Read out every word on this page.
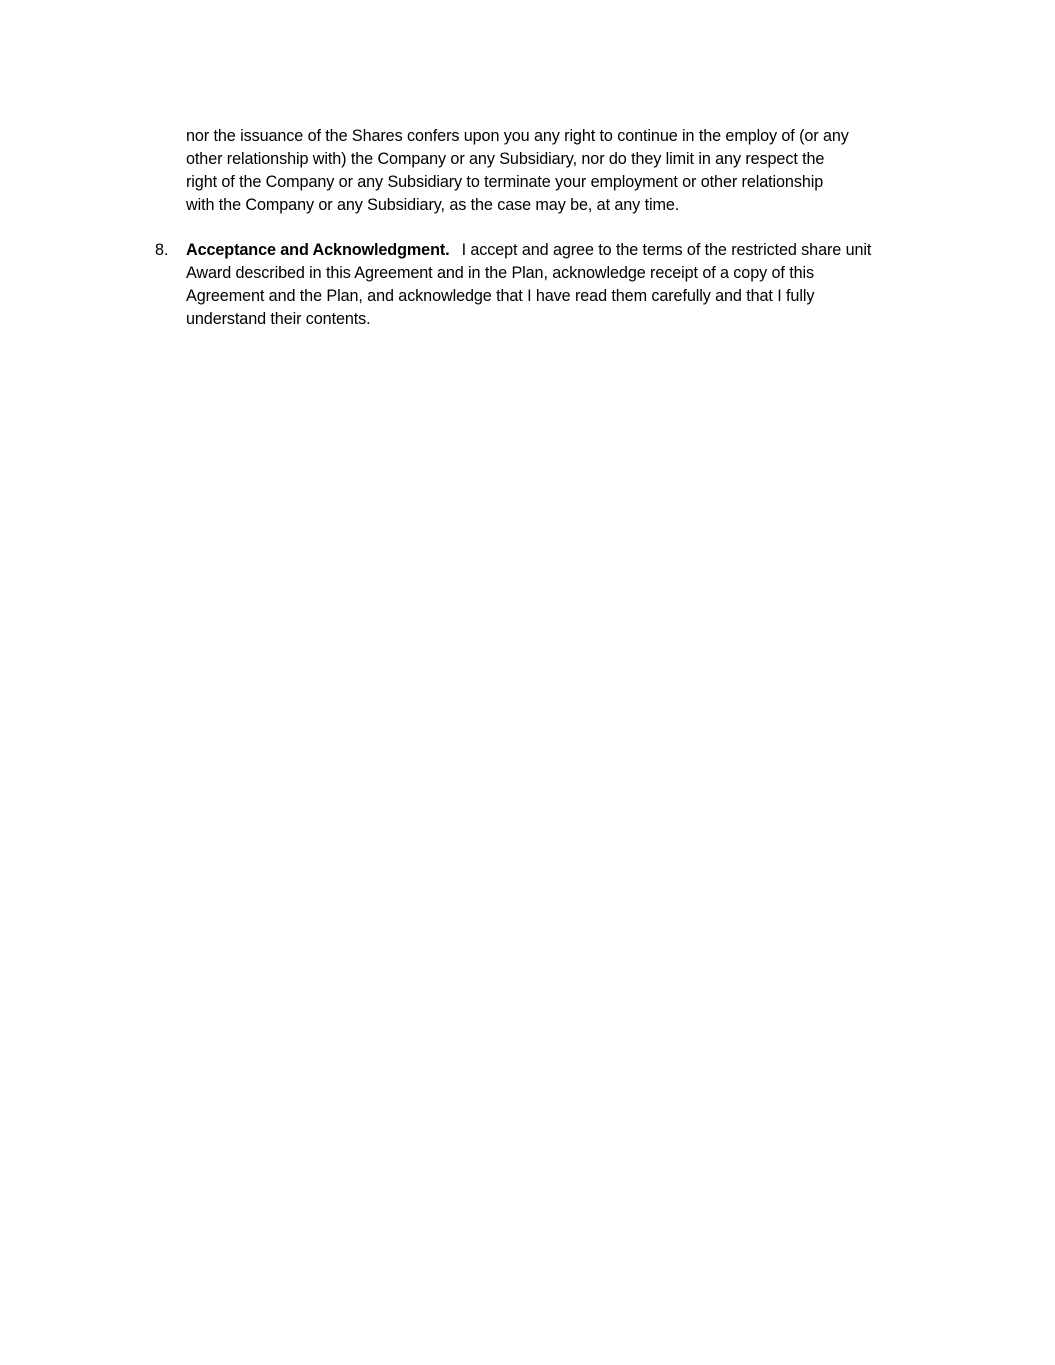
nor the issuance of the Shares confers upon you any right to continue in the employ of (or any
other relationship with) the Company or any Subsidiary, nor do they limit in any respect the
right of the Company or any Subsidiary to terminate your employment or other relationship
with the Company or any Subsidiary, as the case may be, at any time.
8. Acceptance and Acknowledgment. I accept and agree to the terms of the restricted share unit
Award described in this Agreement and in the Plan, acknowledge receipt of a copy of this
Agreement and the Plan, and acknowledge that I have read them carefully and that I fully
understand their contents.
